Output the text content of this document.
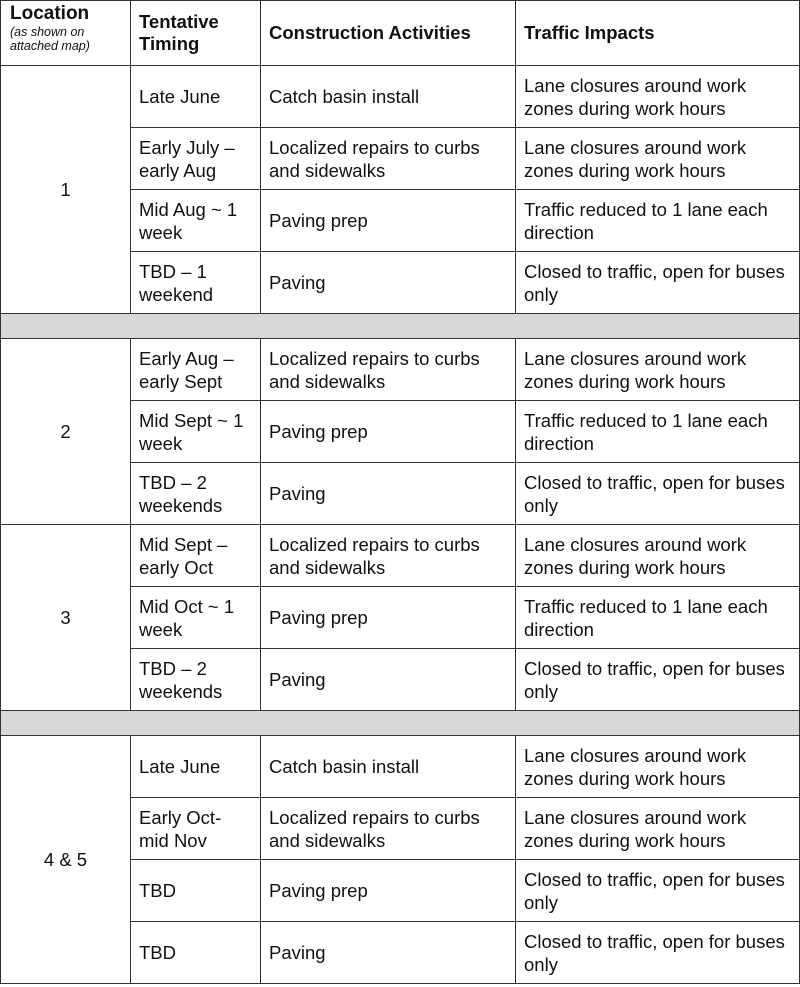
Location
(as shown on attached map)	Tentative Timing	Construction Activities	Traffic Impacts
1	Late June	Catch basin install	Lane closures around work zones during work hours
	Early July – early Aug	Localized repairs to curbs and sidewalks	Lane closures around work zones during work hours
	Mid Aug ~ 1 week	Paving prep	Traffic reduced to 1 lane each direction
	TBD – 1 weekend	Paving	Closed to traffic, open for buses only

2	Early Aug – early Sept	Localized repairs to curbs and sidewalks	Lane closures around work zones during work hours
	Mid Sept ~ 1 week	Paving prep	Traffic reduced to 1 lane each direction
	TBD – 2 weekends	Paving	Closed to traffic, open for buses only
3	Mid Sept – early Oct	Localized repairs to curbs and sidewalks	Lane closures around work zones during work hours
	Mid Oct ~ 1 week	Paving prep	Traffic reduced to 1 lane each direction
	TBD – 2 weekends	Paving	Closed to traffic, open for buses only

4 & 5	Late June	Catch basin install	Lane closures around work zones during work hours
	Early Oct- mid Nov	Localized repairs to curbs and sidewalks	Lane closures around work zones during work hours
	TBD	Paving prep	Closed to traffic, open for buses only
	TBD	Paving	Closed to traffic, open for buses only
